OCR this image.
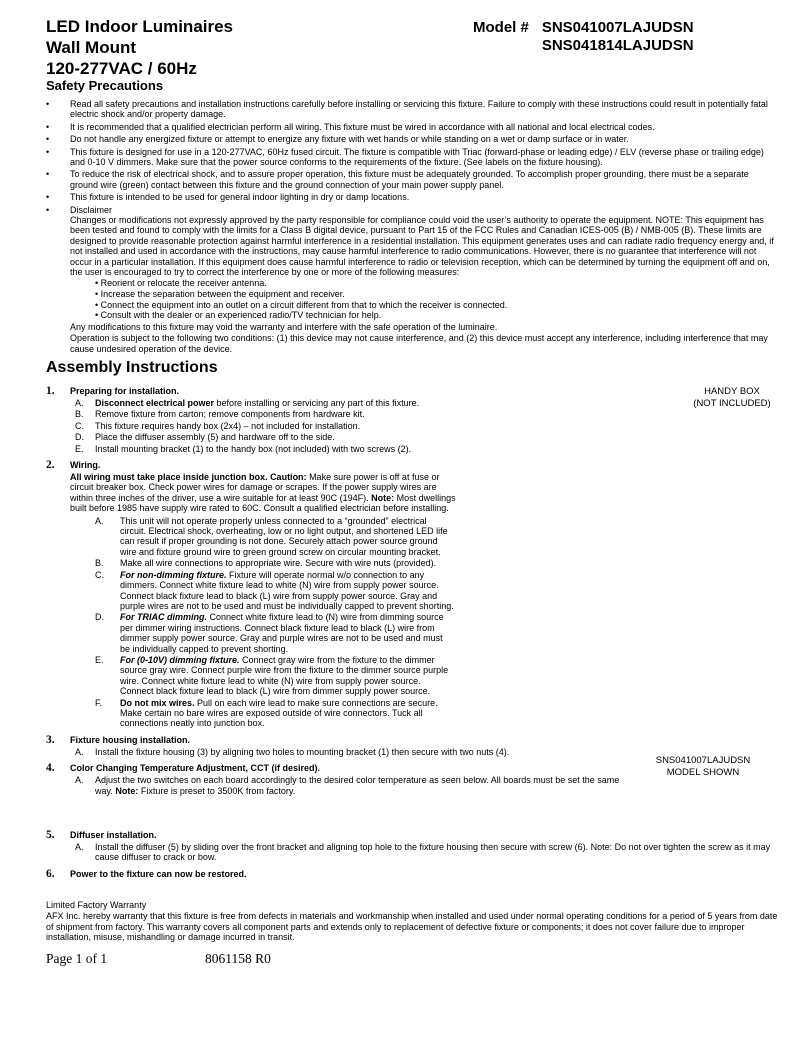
LED Indoor Luminaires
Wall Mount
120-277VAC / 60Hz
Model # SNS041007LAJUDSN
SNS041814LAJUDSN
Safety Precautions
•	Read all safety precautions and installation instructions carefully before installing or servicing this fixture. Failure to comply with these instructions could result in potentially fatal electric shock and/or property damage.
•	It is recommended that a qualified electrician perform all wiring. This fixture must be wired in accordance with all national and local electrical codes.
•	Do not handle any energized fixture or attempt to energize any fixture with wet hands or while standing on a wet or damp surface or in water.
•	This fixture is designed for use in a 120-277VAC, 60Hz fused circuit. The fixture is compatible with Triac (forward-phase or leading edge) / ELV (reverse phase or trailing edge) and 0-10 V dimmers. Make sure that the power source conforms to the requirements of the fixture. (See labels on the fixture housing).
•	To reduce the risk of electrical shock, and to assure proper operation, this fixture must be adequately grounded. To accomplish proper grounding, there must be a separate ground wire (green) contact between this fixture and the ground connection of your main power supply panel.
•	This fixture is intended to be used for general indoor lighting in dry or damp locations.
•	Disclaimer

Changes or modifications not expressly approved by the party responsible for compliance could void the user’s authority to operate the equipment. NOTE: This equipment has been tested and found to comply with the limits for a Class B digital device, pursuant to Part 15 of the FCC Rules and Canadian ICES-005 (B) / NMB-005 (B). These limits are designed to provide reasonable protection against harmful interference in a residential installation. This equipment generates uses and can radiate radio frequency energy and, if not installed and used in accordance with the instructions, may cause harmful interference to radio communications. However, there is no guarantee that interference will not occur in a particular installation. If this equipment does cause harmful interference to radio or television reception, which can be determined by turning the equipment off and on, the user is encouraged to try to correct the interference by one or more of the following measures:

• Reorient or relocate the receiver antenna.
• Increase the separation between the equipment and receiver.
• Connect the equipment into an outlet on a circuit different from that to which the receiver is connected.
• Consult with the dealer or an experienced radio/TV technician for help.

Any modifications to this fixture may void the warranty and interfere with the safe operation of the luminaire.

Operation is subject to the following two conditions: (1) this device may not cause interference, and (2) this device must accept any interference, including interference that may cause undesired operation of the device.

Assembly Instructions
1.	Preparing for installation.
A.	Disconnect electrical power before installing or servicing any part of this fixture.
B.	Remove fixture from carton; remove components from hardware kit.
C.	This fixture requires handy box (2x4) – not included for installation.
D.	Place the diffuser assembly (5) and hardware off to the side.
E.	Install mounting bracket (1) to the handy box (not included) with two screws (2).
2.	Wiring.
All wiring must take place inside junction box. Caution: Make sure power is off at fuse or circuit breaker box. Check power wires for damage or scrapes. If the power supply wires are within three inches of the driver, use a wire suitable for at least 90C (194F). Note: Most dwellings built before 1985 have supply wire rated to 60C. Consult a qualified electrician before installing.
A.	This unit will not operate properly unless connected to a “grounded” electrical circuit. Electrical shock, overheating, low or no light output, and shortened LED life can result if proper grounding is not done. Securely attach power source ground wire and fixture ground wire to green ground screw on circular mounting bracket.
B.	Make all wire connections to appropriate wire. Secure with wire nuts (provided).
C.	For non-dimming fixture. Fixture will operate normal w/o connection to any dimmers. Connect white fixture lead to white (N) wire from supply power source. Connect black fixture lead to black (L) wire from supply power source. Gray and purple wires are not to be used and must be individually capped to prevent shorting.
D.	For TRIAC dimming. Connect white fixture lead to (N) wire from dimming source per dimmer wiring instructions. Connect black fixture lead to black (L) wire from dimmer supply power source. Gray and purple wires are not to be used and must be individually capped to prevent shorting.
E.	For (0-10V) dimming fixture. Connect gray wire from the fixture to the dimmer source gray wire. Connect purple wire from the fixture to the dimmer source purple wire. Connect white fixture lead to white (N) wire from supply power source. Connect black fixture lead to black (L) wire from dimmer supply power source.
F.	Do not mix wires. Pull on each wire lead to make sure connections are secure. Make certain no bare wires are exposed outside of wire connectors. Tuck all connections neatly into junction box.
3.	Fixture housing installation.
A.	Install the fixture housing (3) by aligning two holes to mounting bracket (1) then secure with two nuts (4).
4.	Color Changing Temperature Adjustment, CCT (if desired).
A.	Adjust the two switches on each board accordingly to the desired color temperature as seen below. All boards must be set the same way. Note: Fixture is preset to 3500K from factory.
5.	Diffuser installation.
A.	Install the diffuser (5) by sliding over the front bracket and aligning top hole to the fixture housing then secure with screw (6). Note: Do not over tighten the screw as it may cause diffuser to crack or bow.
6.	Power to the fixture can now be restored.
HANDY BOX
(NOT INCLUDED)
SNS041007LAJUDSN
MODEL SHOWN
Limited Factory Warranty
AFX Inc. hereby warranty that this fixture is free from defects in materials and workmanship when installed and used under normal operating conditions for a period of 5 years from date of shipment from factory. This warranty covers all component parts and extends only to replacement of defective fixture or components; it does not cover failure due to improper installation, misuse, mishandling or damage incurred in transit.
Page 1 of 1	8061158 R0
